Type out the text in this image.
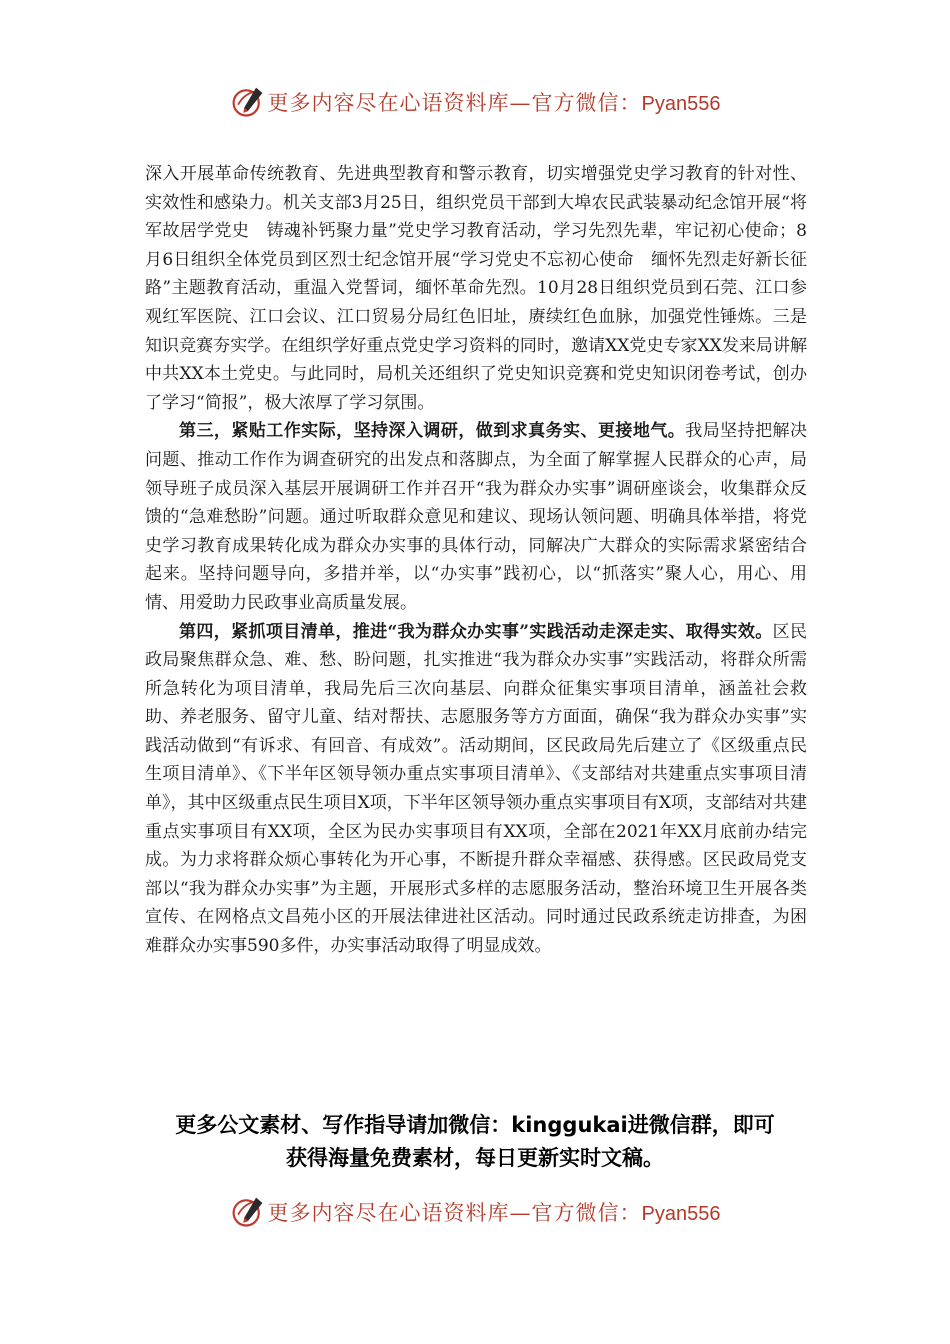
更多内容尽在心语资料库—官方微信：Pyan556

深入开展革命传统教育、先进典型教育和警示教育，切实增强党史学习教育的针对性、实效性和感染力。机关支部3月25日，组织党员干部到大埠农民武装暴动纪念馆开展“将军故居学党史　铸魂补钙聚力量”党史学习教育活动，学习先烈先辈，牢记初心使命；8月6日组织全体党员到区烈士纪念馆开展“学习党史不忘初心使命　缅怀先烈走好新长征路”主题教育活动，重温入党誓词，缅怀革命先烈。10月28日组织党员到石莞、江口参观红军医院、江口会议、江口贸易分局红色旧址，赓续红色血脉，加强党性锤炼。三是知识竞赛夯实学。在组织学好重点党史学习资料的同时，邀请XX党史专家XX发来局讲解中共XX本土党史。与此同时，局机关还组织了党史知识竞赛和党史知识闭卷考试，创办了学习“简报”，极大浓厚了学习氛围。

第三，紧贴工作实际，坚持深入调研，做到求真务实、更接地气。我局坚持把解决问题、推动工作作为调查研究的出发点和落脚点，为全面了解掌握人民群众的心声，局领导班子成员深入基层开展调研工作并召开“我为群众办实事”调研座谈会，收集群众反馈的“急难愁盼”问题。通过听取群众意见和建议、现场认领问题、明确具体举措，将党史学习教育成果转化成为群众办实事的具体行动，同解决广大群众的实际需求紧密结合起来。坚持问题导向，多措并举，以“办实事”践初心，以“抓落实”聚人心，用心、用情、用爱助力民政事业高质量发展。

第四，紧抓项目清单，推进“我为群众办实事”实践活动走深走实、取得实效。区民政局聚焦群众急、难、愁、盼问题，扎实推进“我为群众办实事”实践活动，将群众所需所急转化为项目清单，我局先后三次向基层、向群众征集实事项目清单，涵盖社会救助、养老服务、留守儿童、结对帮扶、志愿服务等方方面面，确保“我为群众办实事”实践活动做到“有诉求、有回音、有成效”。活动期间，区民政局先后建立了《区级重点民生项目清单》、《下半年区领导领办重点实事项目清单》、《支部结对共建重点实事项目清单》，其中区级重点民生项目X项，下半年区领导领办重点实事项目有X项，支部结对共建重点实事项目有XX项，全区为民办实事项目有XX项，全部在2021年XX月底前办结完成。为力求将群众烦心事转化为开心事，不断提升群众幸福感、获得感。区民政局党支部以“我为群众办实事”为主题，开展形式多样的志愿服务活动，整治环境卫生开展各类宣传、在网格点文昌苑小区的开展法律进社区活动。同时通过民政系统走访排查，为困难群众办实事590多件，办实事活动取得了明显成效。

更多公文素材、写作指导请加微信：kinggukai进微信群，即可
获得海量免费素材，每日更新实时文稿。
更多内容尽在心语资料库—官方微信：Pyan556
